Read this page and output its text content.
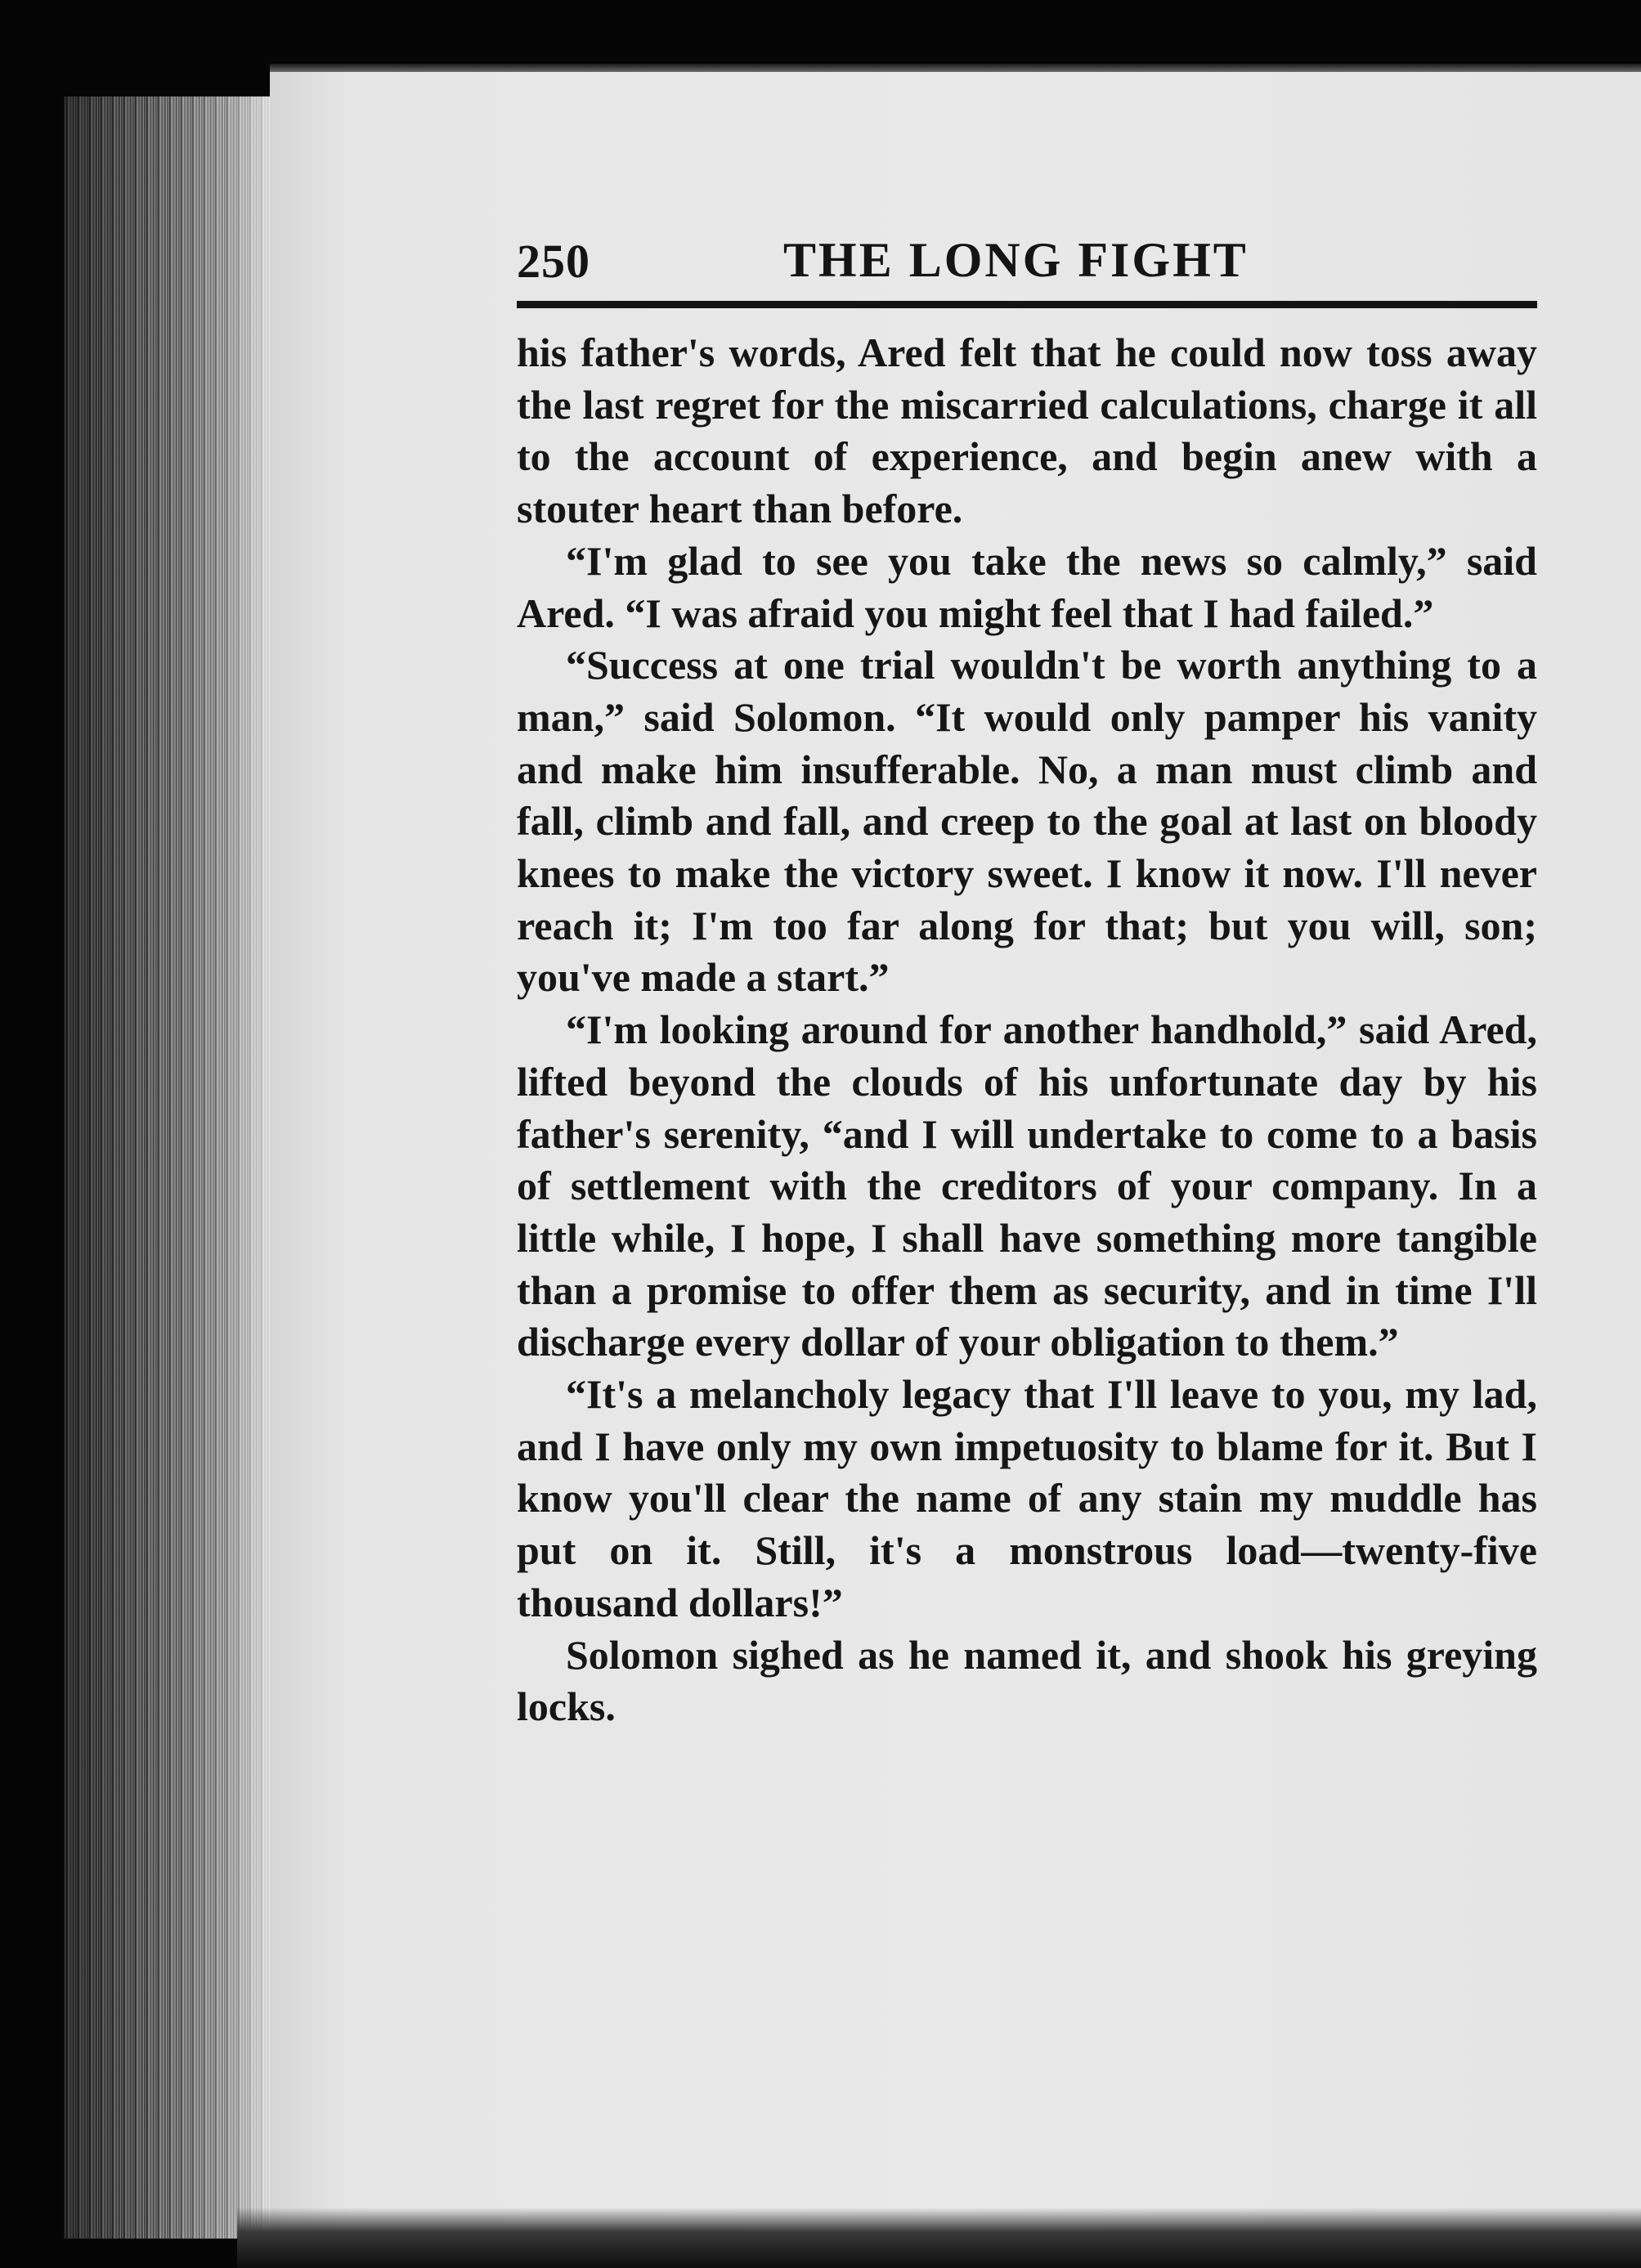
250	THE LONG FIGHT

his father's words, Ared felt that he could now toss away the last regret for the miscarried calculations, charge it all to the account of experience, and begin anew with a stouter heart than before.

“I'm glad to see you take the news so calmly,” said Ared. “I was afraid you might feel that I had failed.”

“Success at one trial wouldn't be worth anything to a man,” said Solomon. “It would only pamper his vanity and make him insufferable. No, a man must climb and fall, climb and fall, and creep to the goal at last on bloody knees to make the victory sweet. I know it now. I'll never reach it; I'm too far along for that; but you will, son; you've made a start.”

“I'm looking around for another handhold,” said Ared, lifted beyond the clouds of his unfortunate day by his father's serenity, “and I will undertake to come to a basis of settlement with the creditors of your company. In a little while, I hope, I shall have something more tangible than a promise to offer them as security, and in time I'll discharge every dollar of your obligation to them.”

“It's a melancholy legacy that I'll leave to you, my lad, and I have only my own impetuosity to blame for it. But I know you'll clear the name of any stain my muddle has put on it. Still, it's a monstrous load—twenty-five thousand dollars!”

Solomon sighed as he named it, and shook his greying locks.
